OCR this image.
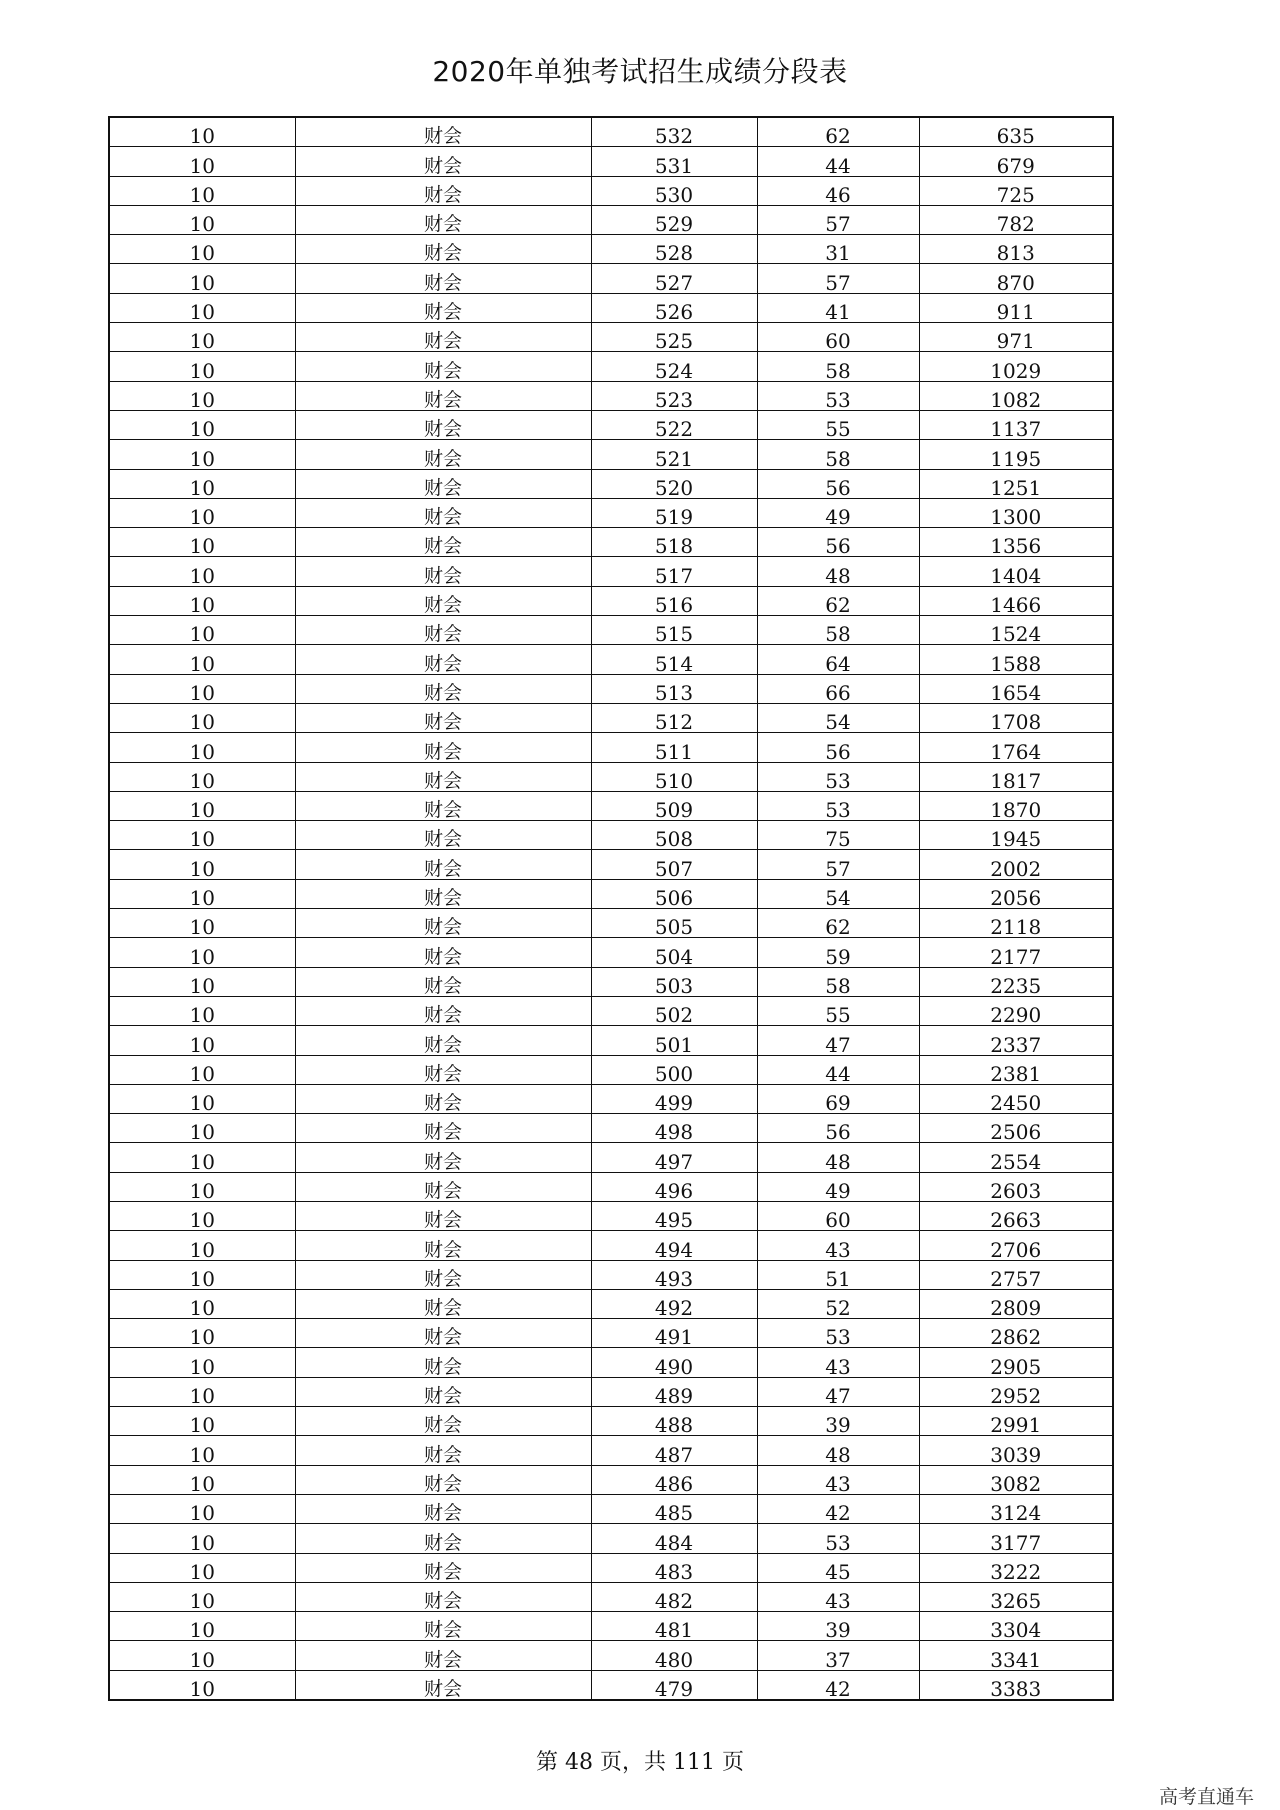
2020年单独考试招生成绩分段表
10	财会	532	62	635
10	财会	531	44	679
10	财会	530	46	725
10	财会	529	57	782
10	财会	528	31	813
10	财会	527	57	870
10	财会	526	41	911
10	财会	525	60	971
10	财会	524	58	1029
10	财会	523	53	1082
10	财会	522	55	1137
10	财会	521	58	1195
10	财会	520	56	1251
10	财会	519	49	1300
10	财会	518	56	1356
10	财会	517	48	1404
10	财会	516	62	1466
10	财会	515	58	1524
10	财会	514	64	1588
10	财会	513	66	1654
10	财会	512	54	1708
10	财会	511	56	1764
10	财会	510	53	1817
10	财会	509	53	1870
10	财会	508	75	1945
10	财会	507	57	2002
10	财会	506	54	2056
10	财会	505	62	2118
10	财会	504	59	2177
10	财会	503	58	2235
10	财会	502	55	2290
10	财会	501	47	2337
10	财会	500	44	2381
10	财会	499	69	2450
10	财会	498	56	2506
10	财会	497	48	2554
10	财会	496	49	2603
10	财会	495	60	2663
10	财会	494	43	2706
10	财会	493	51	2757
10	财会	492	52	2809
10	财会	491	53	2862
10	财会	490	43	2905
10	财会	489	47	2952
10	财会	488	39	2991
10	财会	487	48	3039
10	财会	486	43	3082
10	财会	485	42	3124
10	财会	484	53	3177
10	财会	483	45	3222
10	财会	482	43	3265
10	财会	481	39	3304
10	财会	480	37	3341
10	财会	479	42	3383
第 48 页，共 111 页
高考直通车
